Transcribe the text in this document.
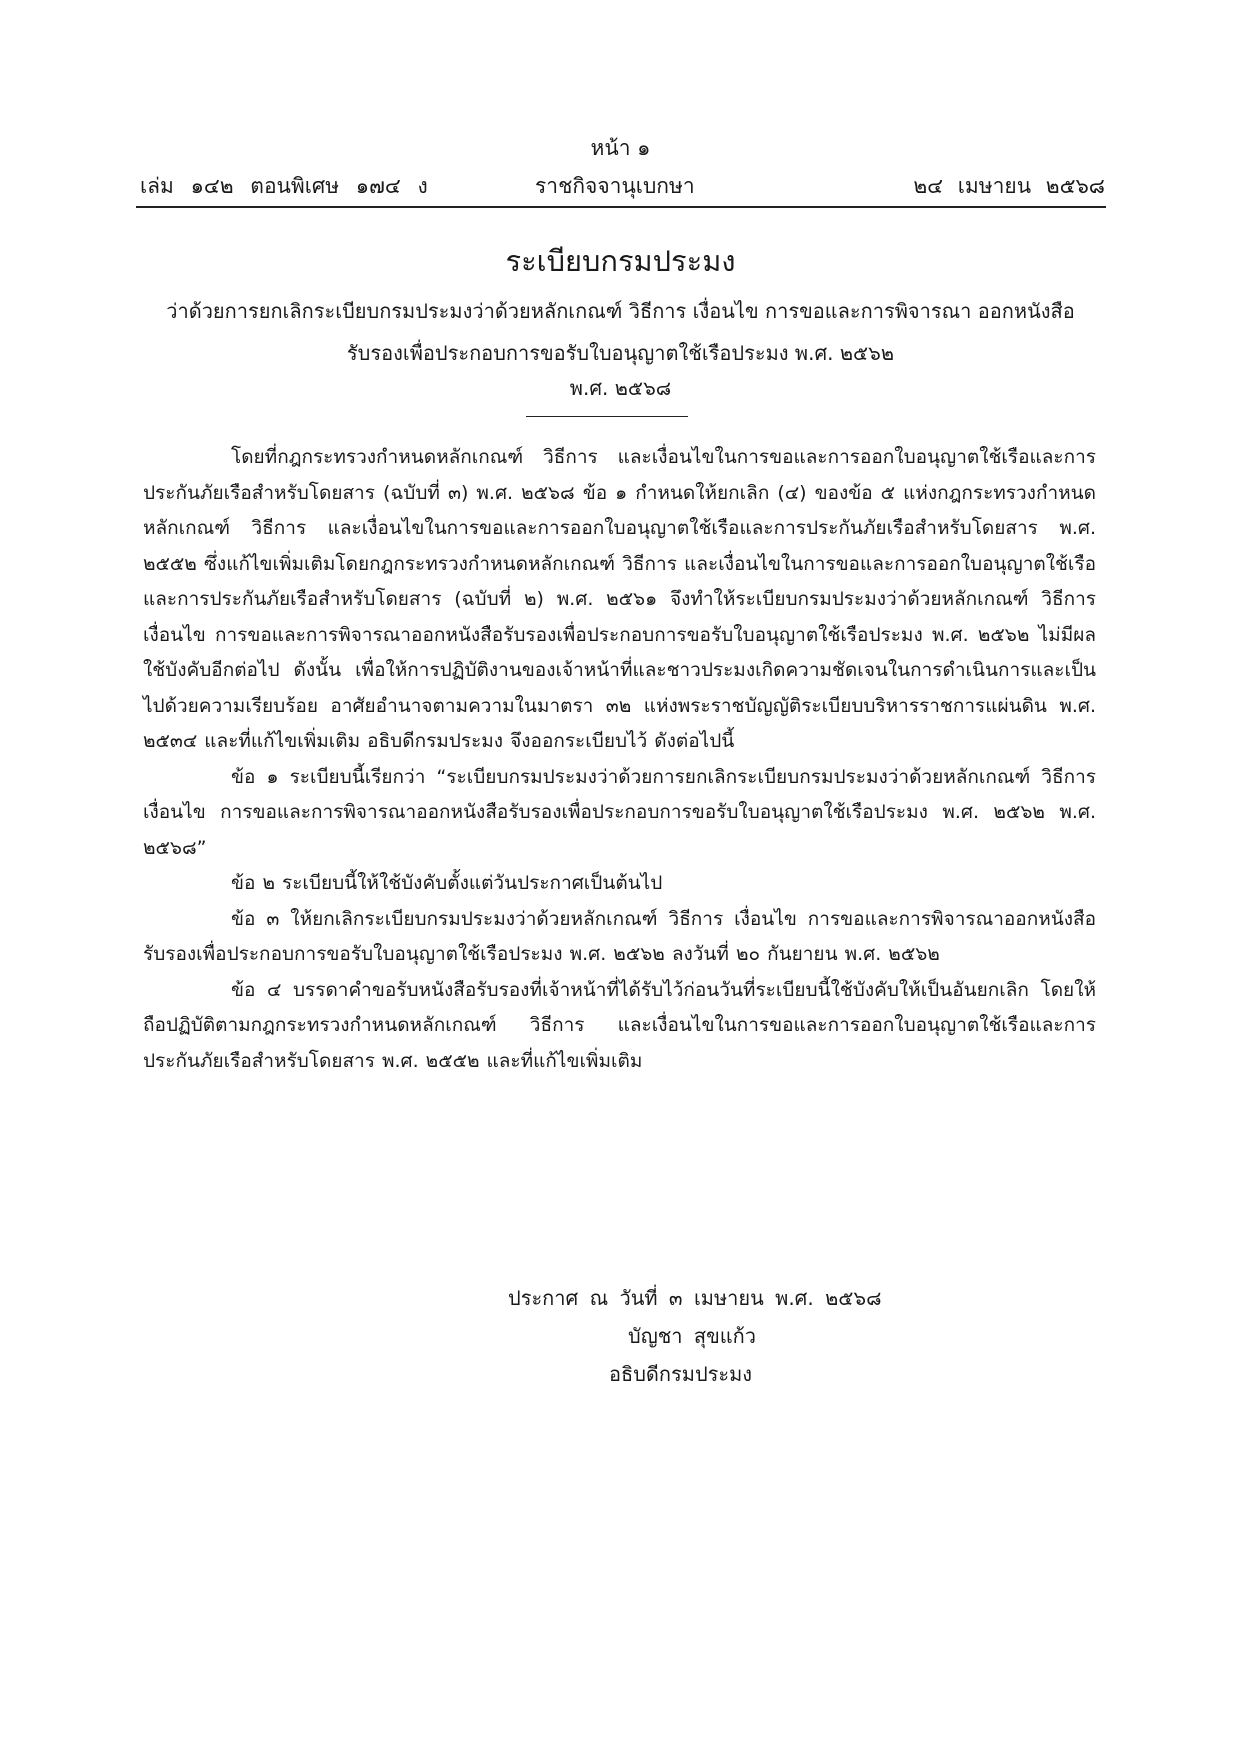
หน้า ๑
เล่ม ๑๔๒ ตอนพิเศษ ๑๗๔ ง	ราชกิจจานุเบกษา	๒๔ เมษายน ๒๕๖๘
ระเบียบกรมประมง
ว่าด้วยการยกเลิกระเบียบกรมประมงว่าด้วยหลักเกณฑ์ วิธีการ เงื่อนไข การขอและการพิจารณา ออกหนังสือรับรองเพื่อประกอบการขอรับใบอนุญาตใช้เรือประมง พ.ศ. ๒๕๖๒
พ.ศ. ๒๕๖๘

โดยที่กฎกระทรวงกำหนดหลักเกณฑ์ วิธีการ และเงื่อนไขในการขอและการออกใบอนุญาตใช้เรือและการประกันภัยเรือสำหรับโดยสาร (ฉบับที่ ๓) พ.ศ. ๒๕๖๘ ข้อ ๑ กำหนดให้ยกเลิก (๔) ของข้อ ๕ แห่งกฎกระทรวงกำหนดหลักเกณฑ์ วิธีการ และเงื่อนไขในการขอและการออกใบอนุญาตใช้เรือและการประกันภัยเรือสำหรับโดยสาร พ.ศ. ๒๕๕๒ ซึ่งแก้ไขเพิ่มเติมโดยกฎกระทรวงกำหนดหลักเกณฑ์ วิธีการ และเงื่อนไขในการขอและการออกใบอนุญาตใช้เรือและการประกันภัยเรือสำหรับโดยสาร (ฉบับที่ ๒) พ.ศ. ๒๕๖๑ จึงทำให้ระเบียบกรมประมงว่าด้วยหลักเกณฑ์ วิธีการ เงื่อนไข การขอและการพิจารณาออกหนังสือรับรองเพื่อประกอบการขอรับใบอนุญาตใช้เรือประมง พ.ศ. ๒๕๖๒ ไม่มีผลใช้บังคับอีกต่อไป ดังนั้น เพื่อให้การปฏิบัติงานของเจ้าหน้าที่และชาวประมงเกิดความชัดเจนในการดำเนินการและเป็นไปด้วยความเรียบร้อย อาศัยอำนาจตามความในมาตรา ๓๒ แห่งพระราชบัญญัติระเบียบบริหารราชการแผ่นดิน พ.ศ. ๒๕๓๔ และที่แก้ไขเพิ่มเติม อธิบดีกรมประมง จึงออกระเบียบไว้ ดังต่อไปนี้

ข้อ ๑ ระเบียบนี้เรียกว่า “ระเบียบกรมประมงว่าด้วยการยกเลิกระเบียบกรมประมงว่าด้วยหลักเกณฑ์ วิธีการ เงื่อนไข การขอและการพิจารณาออกหนังสือรับรองเพื่อประกอบการขอรับใบอนุญาตใช้เรือประมง พ.ศ. ๒๕๖๒ พ.ศ. ๒๕๖๘”

ข้อ ๒ ระเบียบนี้ให้ใช้บังคับตั้งแต่วันประกาศเป็นต้นไป

ข้อ ๓ ให้ยกเลิกระเบียบกรมประมงว่าด้วยหลักเกณฑ์ วิธีการ เงื่อนไข การขอและการพิจารณาออกหนังสือรับรองเพื่อประกอบการขอรับใบอนุญาตใช้เรือประมง พ.ศ. ๒๕๖๒ ลงวันที่ ๒๐ กันยายน พ.ศ. ๒๕๖๒

ข้อ ๔ บรรดาคำขอรับหนังสือรับรองที่เจ้าหน้าที่ได้รับไว้ก่อนวันที่ระเบียบนี้ใช้บังคับให้เป็นอันยกเลิก โดยให้ถือปฏิบัติตามกฎกระทรวงกำหนดหลักเกณฑ์ วิธีการ และเงื่อนไขในการขอและการออกใบอนุญาตใช้เรือและการประกันภัยเรือสำหรับโดยสาร พ.ศ. ๒๕๕๒ และที่แก้ไขเพิ่มเติม

ประกาศ ณ วันที่ ๓ เมษายน พ.ศ. ๒๕๖๘
บัญชา สุขแก้ว
อธิบดีกรมประมง
